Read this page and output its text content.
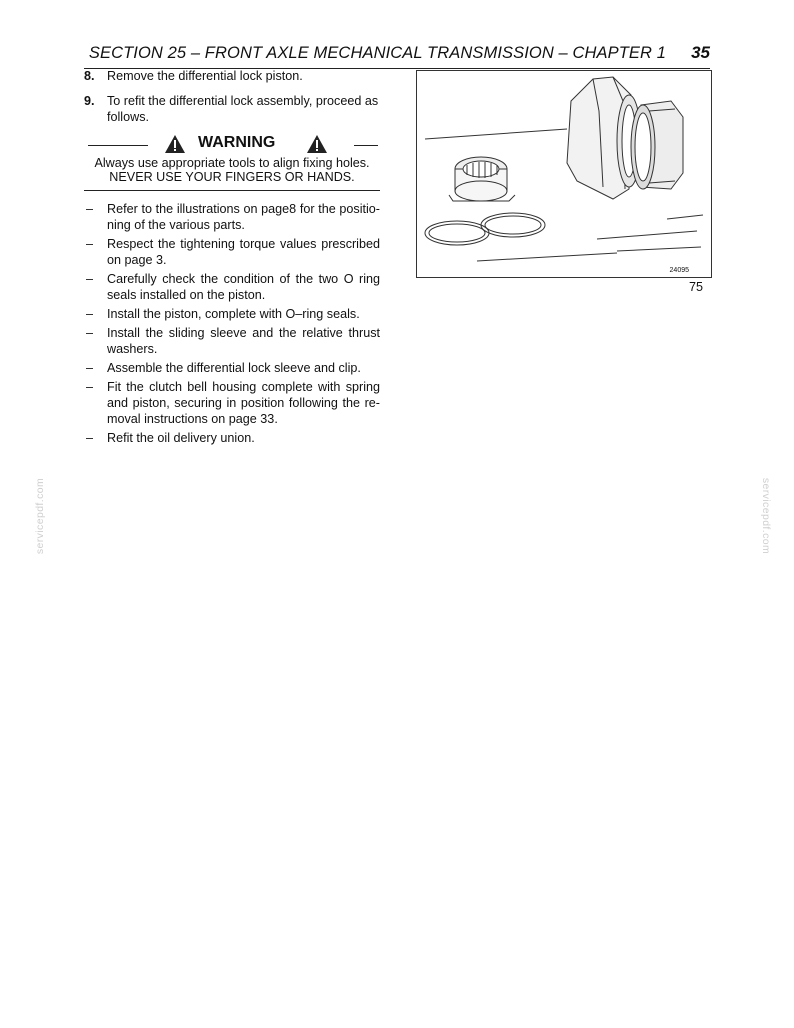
SECTION 25 – FRONT AXLE MECHANICAL TRANSMISSION – CHAPTER 1 35
8. Remove the differential lock piston.
9. To refit the differential lock assembly, proceed as follows.
WARNING
Always use appropriate tools to align fixing holes.
NEVER USE YOUR FINGERS OR HANDS.
– Refer to the illustrations on page8 for the positio-ning of the various parts.
– Respect the tightening torque values prescribed on page 3.
– Carefully check the condition of the two O ring seals installed on the piston.
– Install the piston, complete with O–ring seals.
– Install the sliding sleeve and the relative thrust washers.
– Assemble the differential lock sleeve and clip.
– Fit the clutch bell housing complete with spring and piston, securing in position following the re-moval instructions on page 33.
– Refit the oil delivery union.
24095
75
servicepdf.com	servicepdf.com
